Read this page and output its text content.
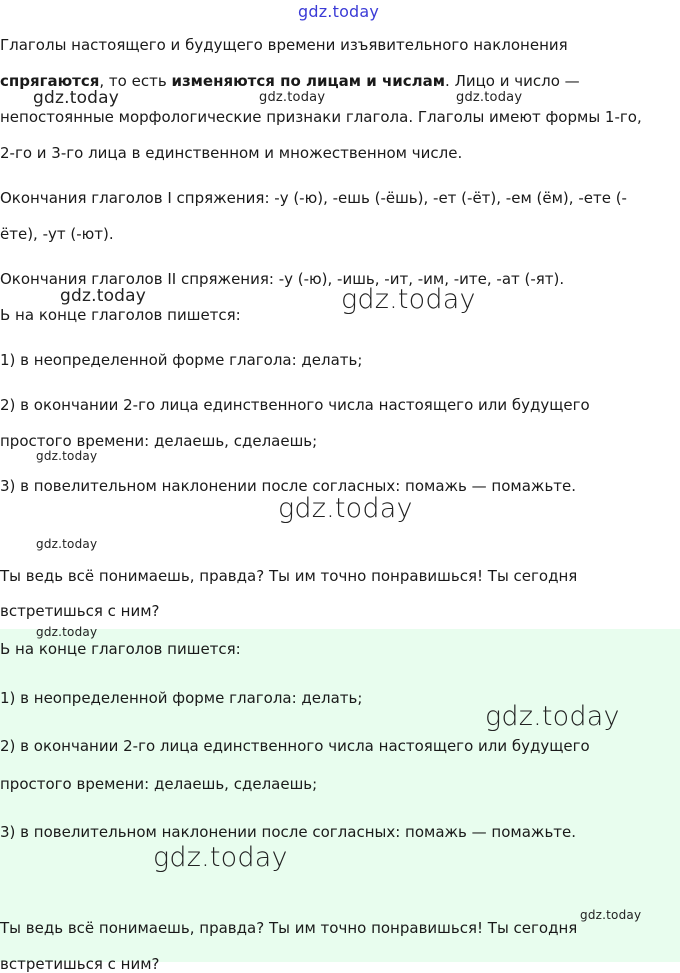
gdz.today
gdz.today	gdz.today	gdz.today
gdz.today	gdz.today
gdz.today
gdz.today
gdz.today
gdz.today
gdz.today
gdz.today
gdz.today
Глаголы настоящего и будущего времени изъявительного наклонения
спрягаются, то есть изменяются по лицам и числам. Лицо и число —
непостоянные морфологические признаки глагола. Глаголы имеют формы 1-го,
2-го и 3-го лица в единственном и множественном числе.
Окончания глаголов I спряжения: -у (-ю), -ешь (-ёшь), -ет (-ёт), -ем (ём), -ете (-
ёте), -ут (-ют).
Окончания глаголов II спряжения: -у (-ю), -ишь, -ит, -им, -ите, -ат (-ят).
Ь на конце глаголов пишется:
1) в неопределенной форме глагола: делать;
2) в окончании 2-го лица единственного числа настоящего или будущего
простого времени: делаешь, сделаешь;
3) в повелительном наклонении после согласных: помажь — помажьте.
Ты ведь всё понимаешь, правда? Ты им точно понравишься! Ты сегодня
встретишься с ним?
Ь на конце глаголов пишется:
1) в неопределенной форме глагола: делать;
2) в окончании 2-го лица единственного числа настоящего или будущего
простого времени: делаешь, сделаешь;
3) в повелительном наклонении после согласных: помажь — помажьте.
Ты ведь всё понимаешь, правда? Ты им точно понравишься! Ты сегодня
встретишься с ним?
